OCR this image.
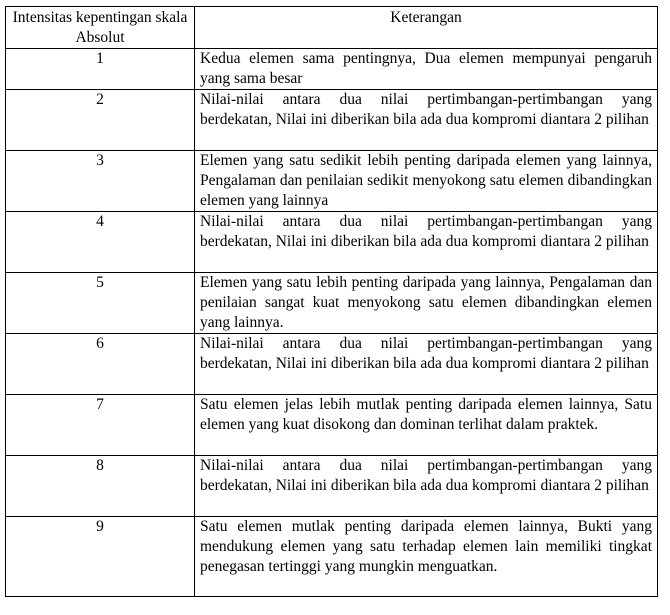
Intensitas kepentingan skala Absolut	Keterangan
1	Kedua elemen sama pentingnya, Dua elemen mempunyai pengaruh yang sama besar
2	Nilai-nilai antara dua nilai pertimbangan-pertimbangan yang berdekatan, Nilai ini diberikan bila ada dua kompromi diantara 2 pilihan
3	Elemen yang satu sedikit lebih penting daripada elemen yang lainnya, Pengalaman dan penilaian sedikit menyokong satu elemen dibandingkan elemen yang lainnya
4	Nilai-nilai antara dua nilai pertimbangan-pertimbangan yang berdekatan, Nilai ini diberikan bila ada dua kompromi diantara 2 pilihan
5	Elemen yang satu lebih penting daripada yang lainnya, Pengalaman dan penilaian sangat kuat menyokong satu elemen dibandingkan elemen yang lainnya.
6	Nilai-nilai antara dua nilai pertimbangan-pertimbangan yang berdekatan, Nilai ini diberikan bila ada dua kompromi diantara 2 pilihan
7	Satu elemen jelas lebih mutlak penting daripada elemen lainnya, Satu elemen yang kuat disokong dan dominan terlihat dalam praktek.
8	Nilai-nilai antara dua nilai pertimbangan-pertimbangan yang berdekatan, Nilai ini diberikan bila ada dua kompromi diantara 2 pilihan
9	Satu elemen mutlak penting daripada elemen lainnya, Bukti yang mendukung elemen yang satu terhadap elemen lain memiliki tingkat penegasan tertinggi yang mungkin menguatkan.
